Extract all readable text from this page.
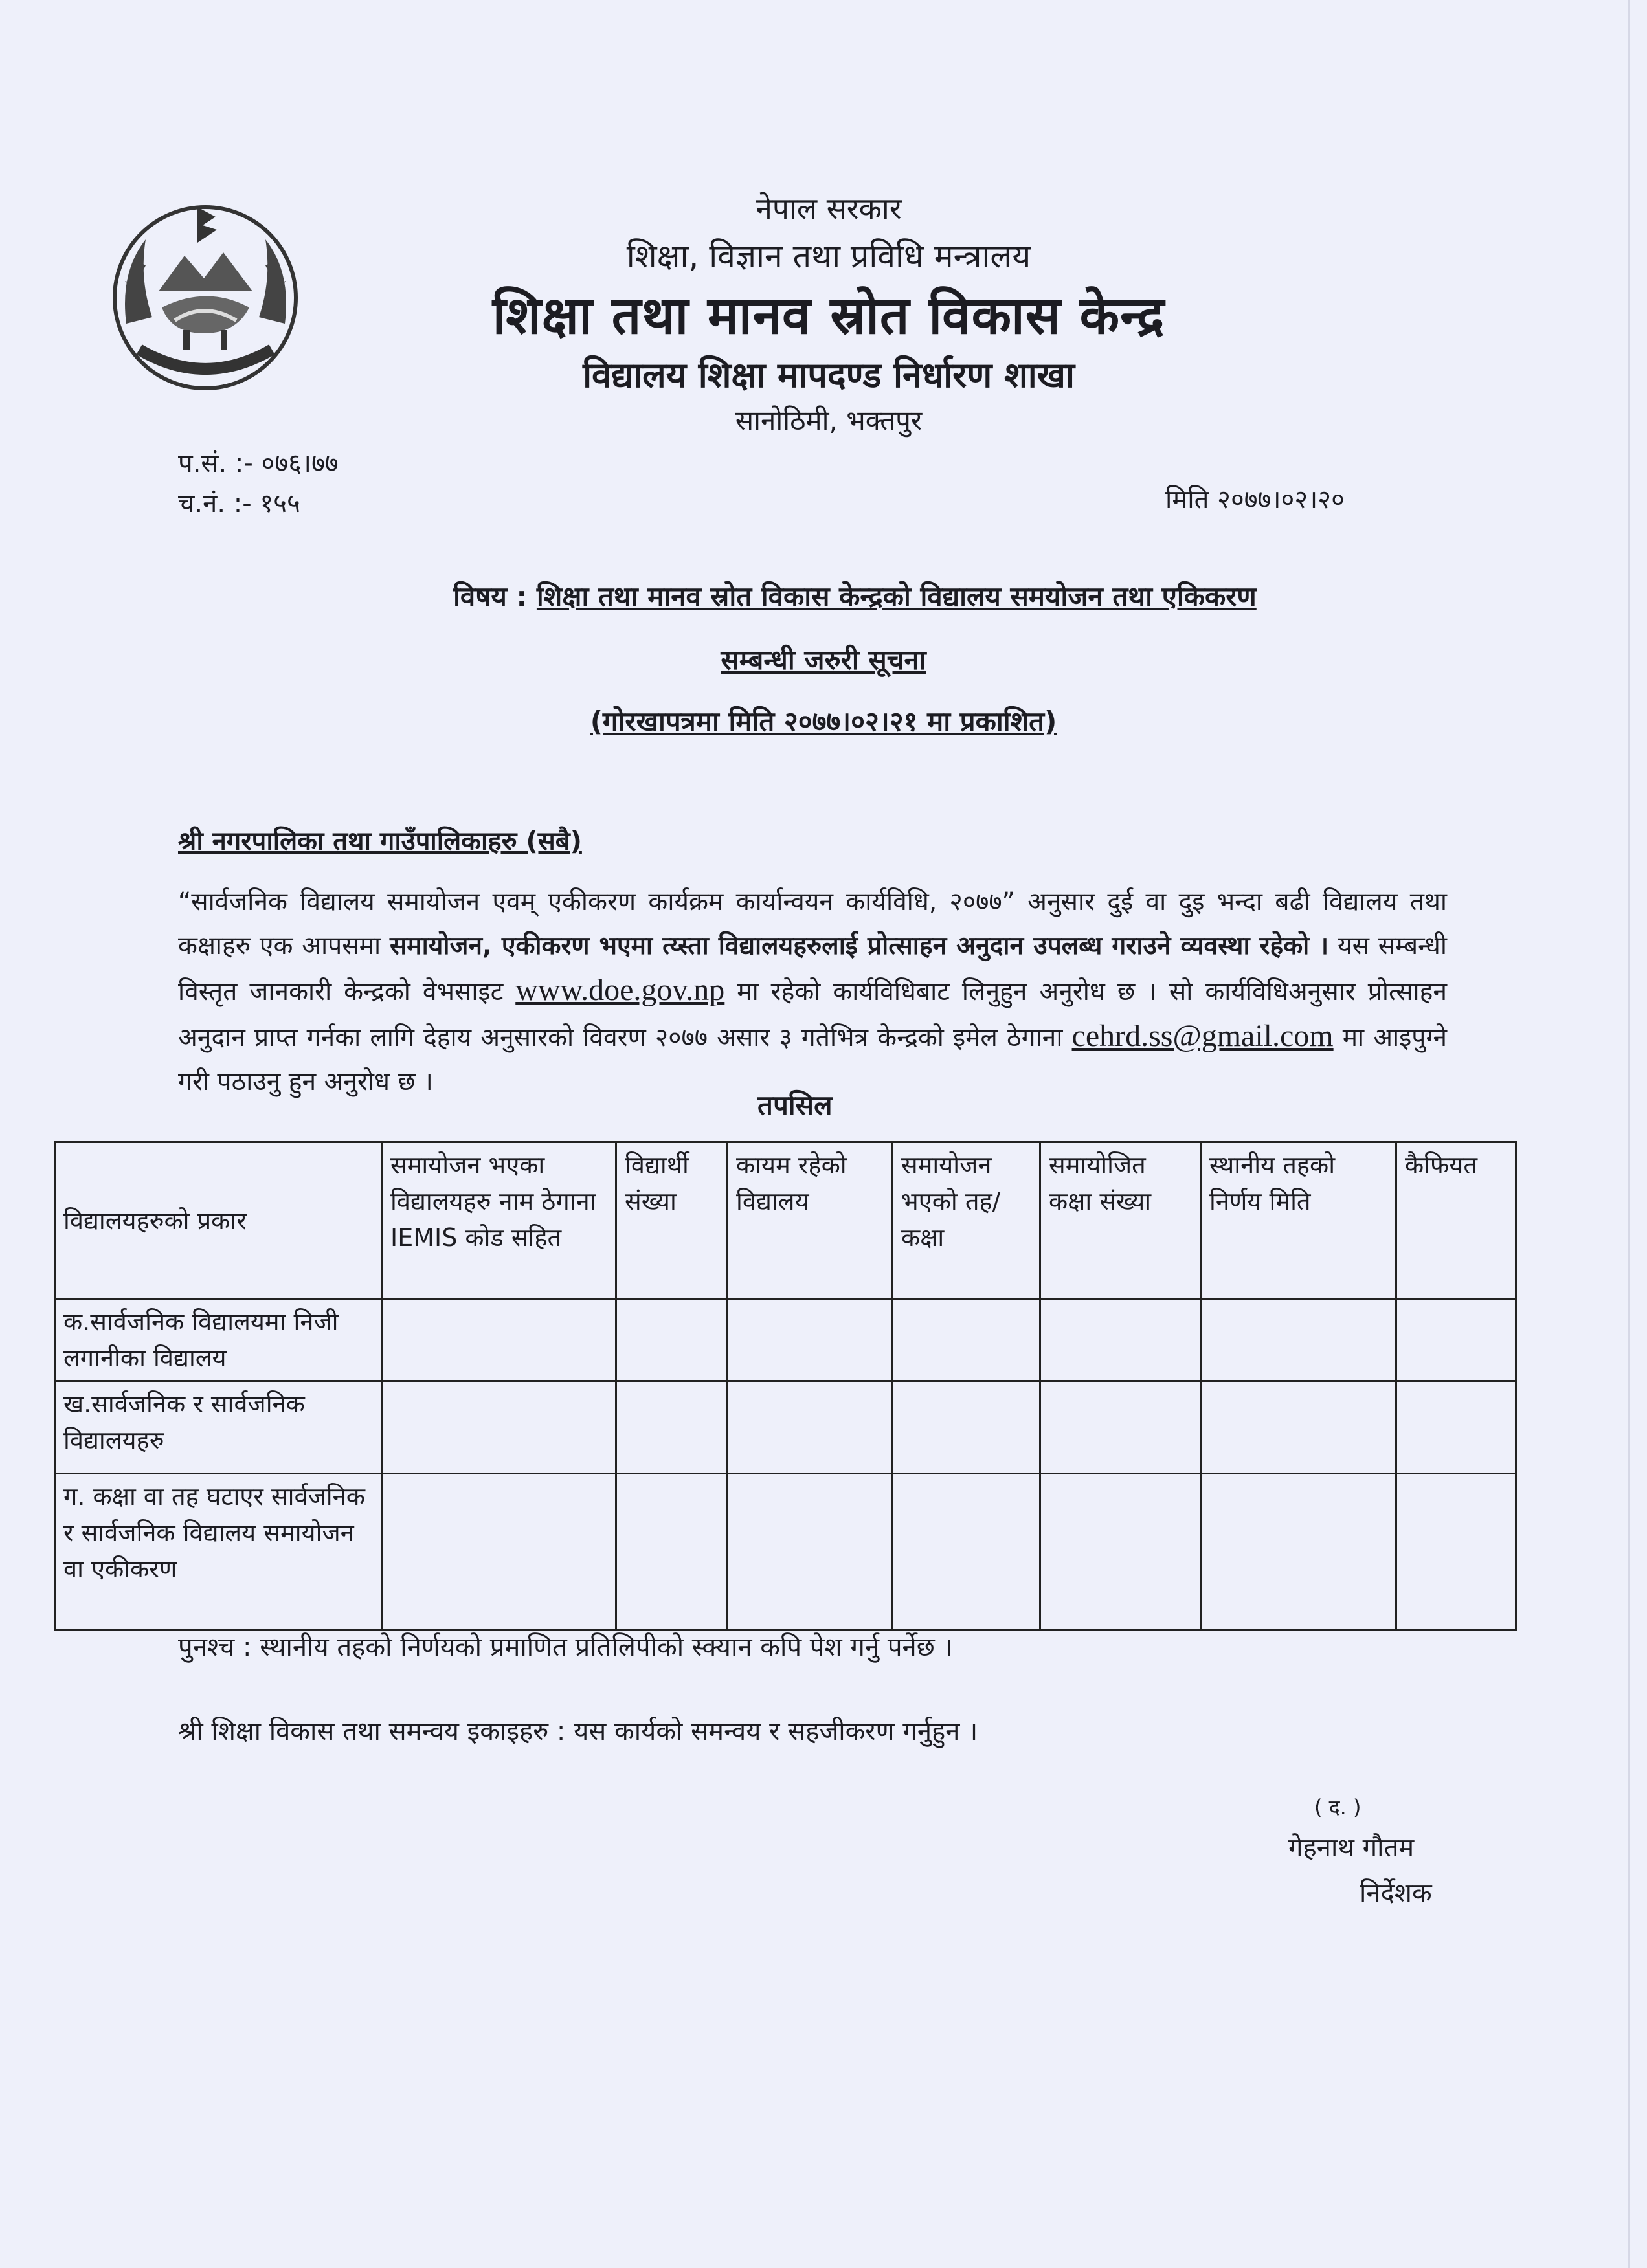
नेपाल सरकार
शिक्षा, विज्ञान तथा प्रविधि मन्त्रालय
शिक्षा तथा मानव स्रोत विकास केन्द्र
विद्यालय शिक्षा मापदण्ड निर्धारण शाखा
सानोठिमी, भक्तपुर
प.सं. :- ०७६।७७
च.नं. :- १५५	मिति २०७७।०२।२०
विषय : शिक्षा तथा मानव स्रोत विकास केन्द्रको विद्यालय समयोजन तथा एकिकरण
सम्बन्धी जरुरी सूचना
(गोरखापत्रमा मिति २०७७।०२।२१ मा प्रकाशित)
श्री नगरपालिका तथा गाउँपालिकाहरु (सबै)
“सार्वजनिक विद्यालय समायोजन एवम् एकीकरण कार्यक्रम कार्यान्वयन कार्यविधि, २०७७” अनुसार दुई वा दुइ भन्दा बढी विद्यालय तथा कक्षाहरु एक आपसमा समायोजन, एकीकरण भएमा त्य्स्ता विद्यालयहरुलाई प्रोत्साहन अनुदान उपलब्ध गराउने व्यवस्था रहेको । यस सम्बन्धी विस्तृत जानकारी केन्द्रको वेभसाइट www.doe.gov.np मा रहेको कार्यविधिबाट लिनुहुन अनुरोध छ । सो कार्यविधिअनुसार प्रोत्साहन अनुदान प्राप्त गर्नका लागि देहाय अनुसारको विवरण २०७७ असार ३ गतेभित्र केन्द्रको इमेल ठेगाना cehrd.ss@gmail.com मा आइपुग्ने गरी पठाउनु हुन अनुरोध छ ।
तपसिल
विद्यालयहरुको प्रकार	समायोजन भएका विद्यालयहरु नाम ठेगाना IEMIS कोड सहित	विद्यार्थी संख्या	कायम रहेको विद्यालय	समायोजन भएको तह/कक्षा	समायोजित कक्षा संख्या	स्थानीय तहको निर्णय मिति	कैफियत
क.सार्वजनिक विद्यालयमा निजी लगानीका विद्यालय							
ख.सार्वजनिक र सार्वजनिक विद्यालयहरु							
ग. कक्षा वा तह घटाएर सार्वजनिक र सार्वजनिक विद्यालय समायोजन वा एकीकरण							
पुनश्च : स्थानीय तहको निर्णयको प्रमाणित प्रतिलिपीको स्क्यान कपि पेश गर्नु पर्नेछ ।
श्री शिक्षा विकास तथा समन्वय इकाइहरु : यस कार्यको समन्वय र सहजीकरण गर्नुहुन ।
( द. )
गेहनाथ गौतम
निर्देशक
